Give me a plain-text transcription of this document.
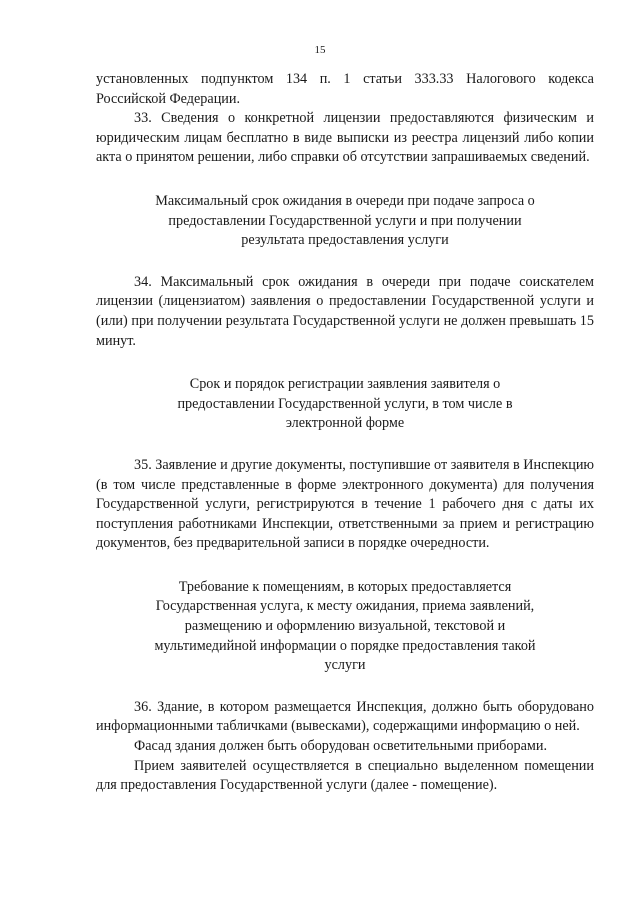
15

установленных подпунктом 134 п. 1 статьи 333.33 Налогового кодекса Российской Федерации.

33. Сведения о конкретной лицензии предоставляются физическим и юридическим лицам бесплатно в виде выписки из реестра лицензий либо копии акта о принятом решении, либо справки об отсутствии запрашиваемых сведений.

Максимальный срок ожидания в очереди при подаче запроса о предоставлении Государственной услуги и при получении результата предоставления услуги

34. Максимальный срок ожидания в очереди при подаче соискателем лицензии (лицензиатом) заявления о предоставлении Государственной услуги и (или) при получении результата Государственной услуги не должен превышать 15 минут.

Срок и порядок регистрации заявления заявителя о предоставлении Государственной услуги, в том числе в электронной форме

35. Заявление и другие документы, поступившие от заявителя в Инспекцию (в том числе представленные в форме электронного документа) для получения Государственной услуги, регистрируются в течение 1 рабочего дня с даты их поступления работниками Инспекции, ответственными за прием и регистрацию документов, без предварительной записи в порядке очередности.

Требование к помещениям, в которых предоставляется Государственная услуга, к месту ожидания, приема заявлений, размещению и оформлению визуальной, текстовой и мультимедийной информации о порядке предоставления такой услуги

36. Здание, в котором размещается Инспекция, должно быть оборудовано информационными табличками (вывесками), содержащими информацию о ней.

Фасад здания должен быть оборудован осветительными приборами.

Прием заявителей осуществляется в специально выделенном помещении для предоставления Государственной услуги (далее - помещение).
